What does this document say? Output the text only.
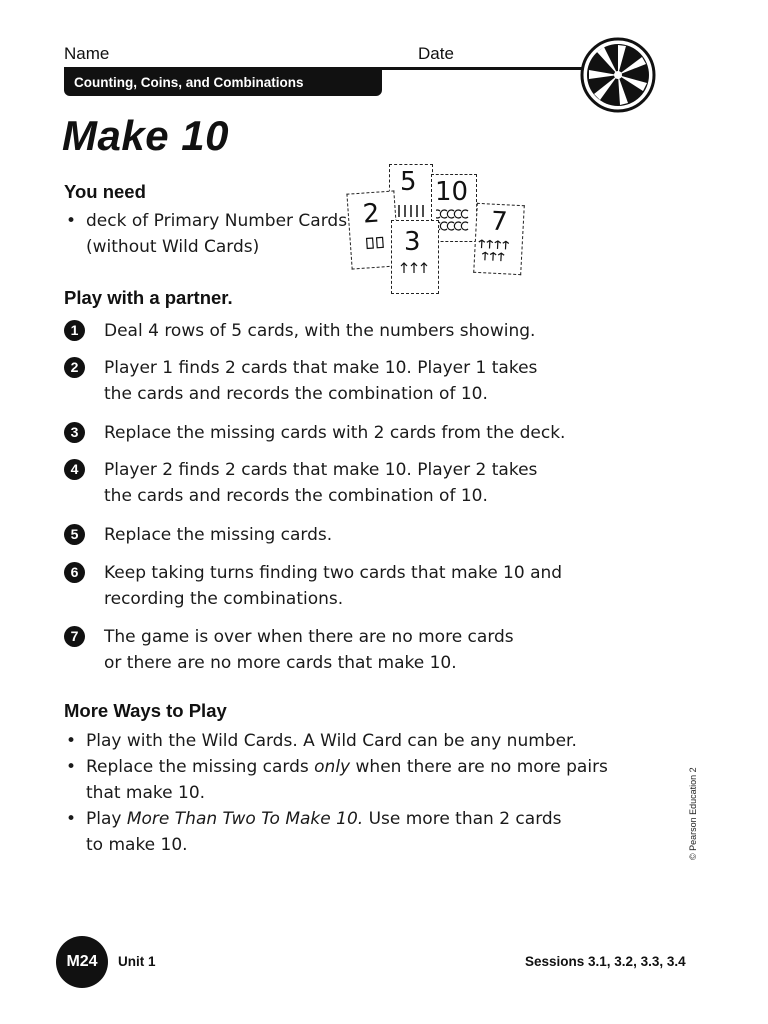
Name	Date
Counting, Coins, and Combinations
Make 10
You need
• deck of Primary Number Cards
(without Wild Cards)
5 10
2
3
7
Play with a partner.
1	Deal 4 rows of 5 cards, with the numbers showing.
2	Player 1 finds 2 cards that make 10. Player 1 takes
the cards and records the combination of 10.
3	Replace the missing cards with 2 cards from the deck.
4	Player 2 finds 2 cards that make 10. Player 2 takes
the cards and records the combination of 10.
5	Replace the missing cards.
6	Keep taking turns finding two cards that make 10 and
recording the combinations.
7	The game is over when there are no more cards
or there are no more cards that make 10.
More Ways to Play
• Play with the Wild Cards. A Wild Card can be any number.
• Replace the missing cards only when there are no more pairs
that make 10.
• Play More Than Two To Make 10. Use more than 2 cards
to make 10.	© Pearson Education 2
M24	Unit 1	Sessions 3.1, 3.2, 3.3, 3.4
